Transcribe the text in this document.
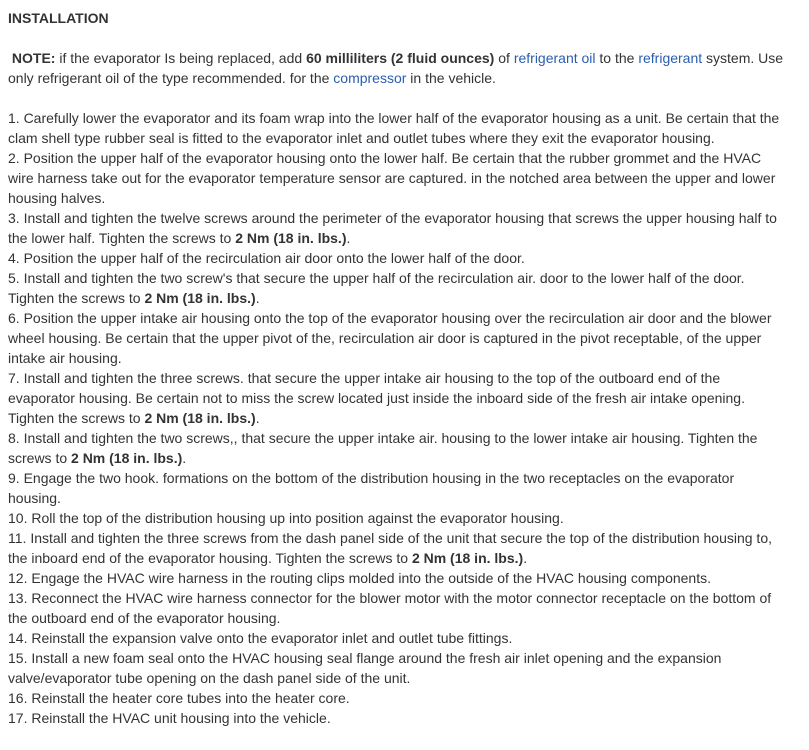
INSTALLATION

NOTE: if the evaporator Is being replaced, add 60 milliliters (2 fluid ounces) of refrigerant oil to the refrigerant system. Use only refrigerant oil of the type recommended. for the compressor in the vehicle.

1. Carefully lower the evaporator and its foam wrap into the lower half of the evaporator housing as a unit. Be certain that the clam shell type rubber seal is fitted to the evaporator inlet and outlet tubes where they exit the evaporator housing.
2. Position the upper half of the evaporator housing onto the lower half. Be certain that the rubber grommet and the HVAC wire harness take out for the evaporator temperature sensor are captured. in the notched area between the upper and lower housing halves.
3. Install and tighten the twelve screws around the perimeter of the evaporator housing that screws the upper housing half to the lower half. Tighten the screws to 2 Nm (18 in. lbs.).
4. Position the upper half of the recirculation air door onto the lower half of the door.
5. Install and tighten the two screw's that secure the upper half of the recirculation air. door to the lower half of the door. Tighten the screws to 2 Nm (18 in. lbs.).
6. Position the upper intake air housing onto the top of the evaporator housing over the recirculation air door and the blower wheel housing. Be certain that the upper pivot of the, recirculation air door is captured in the pivot receptable, of the upper intake air housing.
7. Install and tighten the three screws. that secure the upper intake air housing to the top of the outboard end of the evaporator housing. Be certain not to miss the screw located just inside the inboard side of the fresh air intake opening. Tighten the screws to 2 Nm (18 in. lbs.).
8. Install and tighten the two screws,, that secure the upper intake air. housing to the lower intake air housing. Tighten the screws to 2 Nm (18 in. lbs.).
9. Engage the two hook. formations on the bottom of the distribution housing in the two receptacles on the evaporator housing.
10. Roll the top of the distribution housing up into position against the evaporator housing.
11. Install and tighten the three screws from the dash panel side of the unit that secure the top of the distribution housing to, the inboard end of the evaporator housing. Tighten the screws to 2 Nm (18 in. lbs.).
12. Engage the HVAC wire harness in the routing clips molded into the outside of the HVAC housing components.
13. Reconnect the HVAC wire harness connector for the blower motor with the motor connector receptacle on the bottom of the outboard end of the evaporator housing.
14. Reinstall the expansion valve onto the evaporator inlet and outlet tube fittings.
15. Install a new foam seal onto the HVAC housing seal flange around the fresh air inlet opening and the expansion valve/evaporator tube opening on the dash panel side of the unit.
16. Reinstall the heater core tubes into the heater core.
17. Reinstall the HVAC unit housing into the vehicle.
